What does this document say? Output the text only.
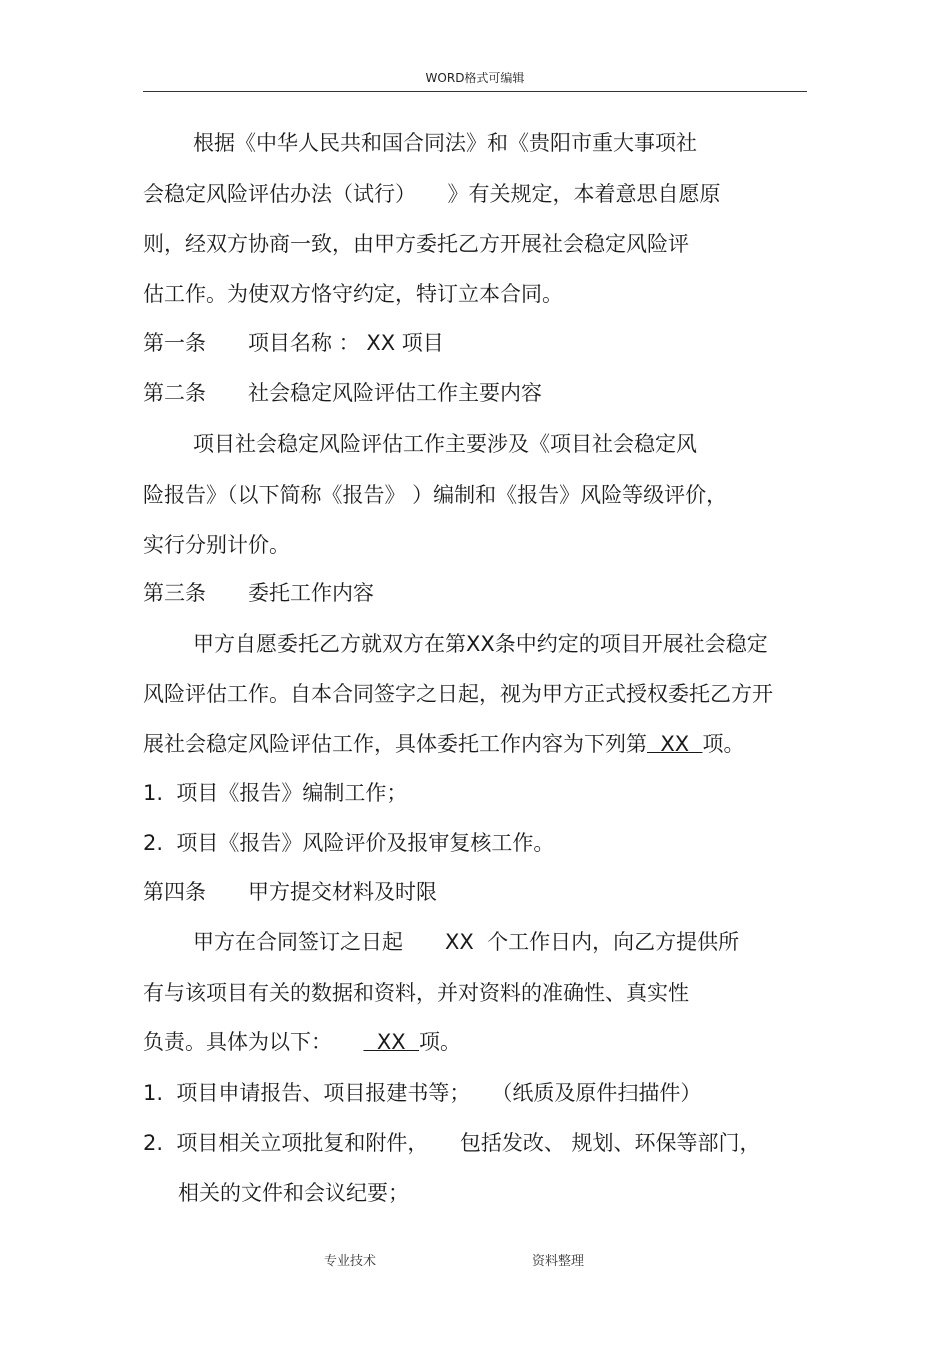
WORD格式可编辑
根据《中华人民共和国合同法》和《贵阳市重大事项社
会稳定风险评估办法（试行）　　》有关规定，本着意思自愿原
则，经双方协商一致，由甲方委托乙方开展社会稳定风险评
估工作。为使双方恪守约定，特订立本合同。
第一条　　项目名称 ： XX 项目
第二条　　社会稳定风险评估工作主要内容
项目社会稳定风险评估工作主要涉及《项目社会稳定风
险报告》（以下简称《报告》 ）编制和《报告》风险等级评价，
实行分别计价。
第三条　　委托工作内容
甲方自愿委托乙方就双方在第XX条中约定的项目开展社会稳定
风险评估工作。自本合同签字之日起，视为甲方正式授权委托乙方开
展社会稳定风险评估工作，具体委托工作内容为下列第  XX  项。
1.  项目《报告》编制工作；
2.  项目《报告》风险评价及报审复核工作。
第四条　　甲方提交材料及时限
甲方在合同签订之日起　　XX  个工作日内，向乙方提供所
有与该项目有关的数据和资料，并对资料的准确性、真实性
负责。具体为以下：　　  XX  项。
1.  项目申请报告、项目报建书等；　　（纸质及原件扫描件）
2.  项目相关立项批复和附件，　　包括发改、 规划、环保等部门，
相关的文件和会议纪要；
专业技术	资料整理
